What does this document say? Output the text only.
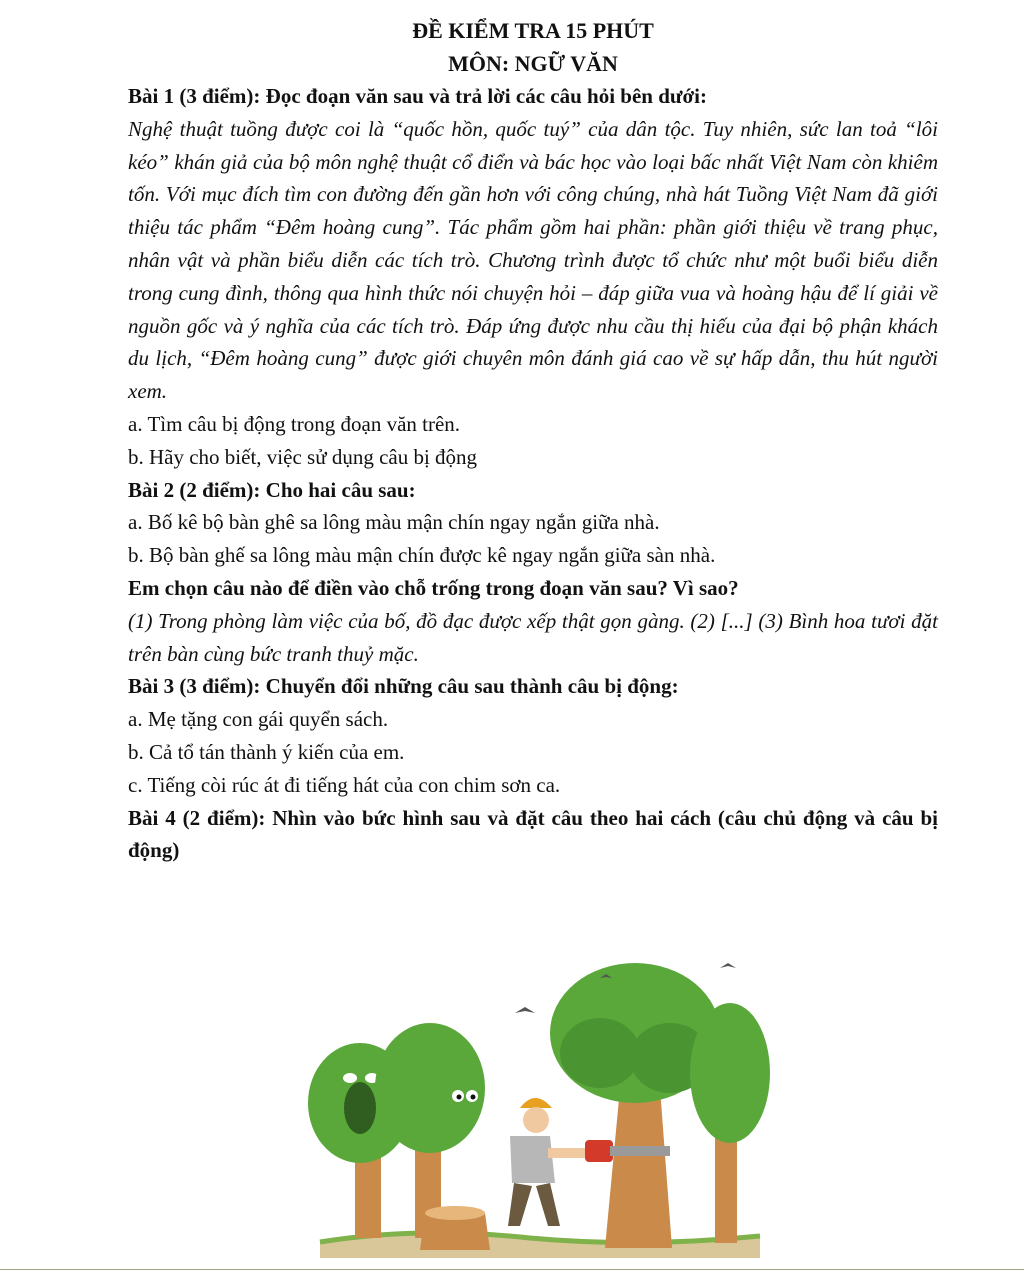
ĐỀ KIỂM TRA 15 PHÚT
MÔN: NGỮ VĂN

Bài 1 (3 điểm): Đọc đoạn văn sau và trả lời các câu hỏi bên dưới:

Nghệ thuật tuồng được coi là “quốc hồn, quốc tuý” của dân tộc. Tuy nhiên, sức lan toả “lôi kéo” khán giả của bộ môn nghệ thuật cổ điển và bác học vào loại bấc nhất Việt Nam còn khiêm tốn. Với mục đích tìm con đường đến gần hơn với công chúng, nhà hát Tuồng Việt Nam đã giới thiệu tác phẩm “Đêm hoàng cung”. Tác phẩm gồm hai phần: phần giới thiệu về trang phục, nhân vật và phần biểu diễn các tích trò. Chương trình được tổ chức như một buổi biểu diễn trong cung đình, thông qua hình thức nói chuyện hỏi – đáp giữa vua và hoàng hậu để lí giải về nguồn gốc và ý nghĩa của các tích trò. Đáp ứng được nhu cầu thị hiếu của đại bộ phận khách du lịch, “Đêm hoàng cung” được giới chuyên môn đánh giá cao về sự hấp dẫn, thu hút người xem.

a. Tìm câu bị động trong đoạn văn trên.

b. Hãy cho biết, việc sử dụng câu bị động

Bài 2 (2 điểm): Cho hai câu sau:

a. Bố kê bộ bàn ghê sa lông màu mận chín ngay ngắn giữa nhà.

b. Bộ bàn ghế sa lông màu mận chín được kê ngay ngắn giữa sàn nhà.

Em chọn câu nào để điền vào chỗ trống trong đoạn văn sau? Vì sao?

(1) Trong phòng làm việc của bố, đồ đạc được xếp thật gọn gàng. (2) [...] (3) Bình hoa tươi đặt trên bàn cùng bức tranh thuỷ mặc.

Bài 3 (3 điểm): Chuyển đổi những câu sau thành câu bị động:

a. Mẹ tặng con gái quyển sách.

b. Cả tổ tán thành ý kiến của em.

c. Tiếng còi rúc át đi tiếng hát của con chim sơn ca.

Bài 4 (2 điểm): Nhìn vào bức hình sau và đặt câu theo hai cách (câu chủ động và câu bị động)
